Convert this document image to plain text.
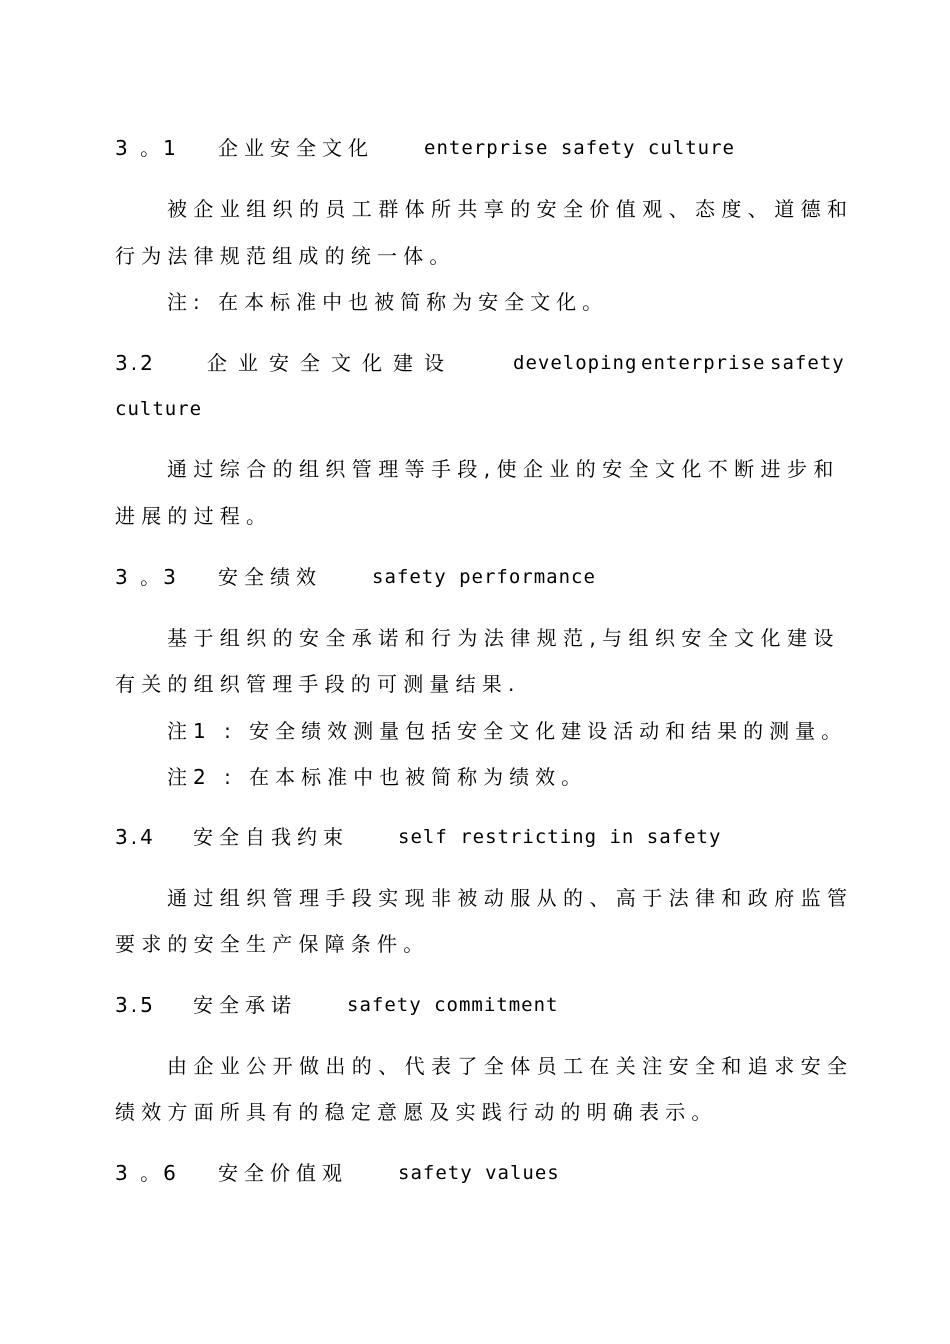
3 。1 企业安全文化	enterprise safety culture
被企业组织的员工群体所共享的安全价值观、态度、道德和
行为法律规范组成的统一体。
注: 在本标准中也被简称为安全文化。
3.2	企业安全文化建设	developing enterprise safety
culture
通过综合的组织管理等手段,使企业的安全文化不断进步和
进展的过程。
3 。3 安全绩效	safety performance
基于组织的安全承诺和行为法律规范,与组织安全文化建设
有关的组织管理手段的可测量结果.
注1 : 安全绩效测量包括安全文化建设活动和结果的测量。
注2 : 在本标准中也被简称为绩效。
3.4 安全自我约束	self restricting in safety
通过组织管理手段实现非被动服从的、高于法律和政府监管
要求的安全生产保障条件。
3.5 安全承诺	safety commitment
由企业公开做出的、代表了全体员工在关注安全和追求安全
绩效方面所具有的稳定意愿及实践行动的明确表示。
3 。6 安全价值观	safety values
